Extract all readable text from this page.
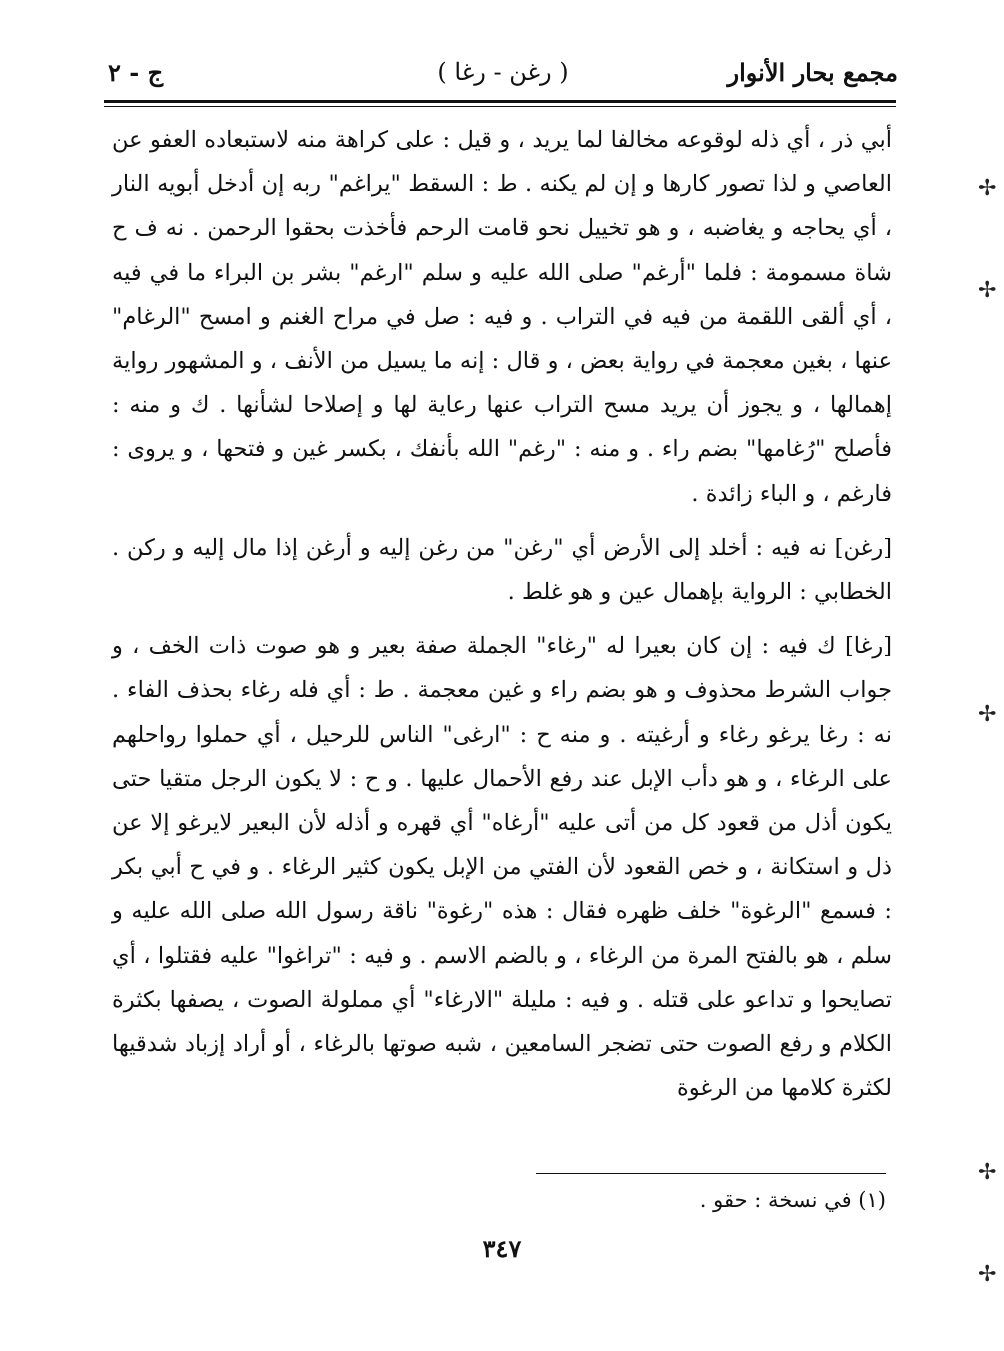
مجمع بحار الأنوار
( رغن - رغا )
ج - ٢

أبي ذر ، أي ذله لوقوعه مخالفا لما يريد ، و قيل : على كراهة منه لاستبعاده العفو عن العاصي و لذا تصور كارها و إن لم يكنه . ط : السقط "يراغم" ربه إن أدخل أبويه النار ، أي يحاجه و يغاضبه ، و هو تخييل نحو قامت الرحم فأخذت بحقوا الرحمن . نه ف ح شاة مسمومة : فلما "أرغم" صلى الله عليه و سلم "ارغم" بشر بن البراء ما في فيه ، أي ألقى اللقمة من فيه في التراب . و فيه : صل في مراح الغنم و امسح "الرغام" عنها ، بغين معجمة في رواية بعض ، و قال : إنه ما يسيل من الأنف ، و المشهور رواية إهمالها ، و يجوز أن يريد مسح التراب عنها رعاية لها و إصلاحا لشأنها . ك و منه : فأصلح "رُغامها" بضم راء . و منه : "رغم" الله بأنفك ، بكسر غين و فتحها ، و يروى : فارغم ، و الباء زائدة .

[رغن] نه فيه : أخلد إلى الأرض أي "رغن" من رغن إليه و أرغن إذا مال إليه و ركن . الخطابي : الرواية بإهمال عين و هو غلط .

[رغا] ك فيه : إن كان بعيرا له "رغاء" الجملة صفة بعير و هو صوت ذات الخف ، و جواب الشرط محذوف و هو بضم راء و غين معجمة . ط : أي فله رغاء بحذف الفاء . نه : رغا يرغو رغاء و أرغيته . و منه ح : "ارغى" الناس للرحيل ، أي حملوا رواحلهم على الرغاء ، و هو دأب الإبل عند رفع الأحمال عليها . و ح : لا يكون الرجل متقيا حتى يكون أذل من قعود كل من أتى عليه "أرغاه" أي قهره و أذله لأن البعير لايرغو إلا عن ذل و استكانة ، و خص القعود لأن الفتي من الإبل يكون كثير الرغاء . و في ح أبي بكر : فسمع "الرغوة" خلف ظهره فقال : هذه "رغوة" ناقة رسول الله صلى الله عليه و سلم ، هو بالفتح المرة من الرغاء ، و بالضم الاسم . و فيه : "تراغوا" عليه فقتلوا ، أي تصايحوا و تداعو على قتله . و فيه : مليلة "الارغاء" أي مملولة الصوت ، يصفها بكثرة الكلام و رفع الصوت حتى تضجر السامعين ، شبه صوتها بالرغاء ، أو أراد إزباد شدقيها لكثرة كلامها من الرغوة

(١) في نسخة : حقو .
٣٤٧
✢
✢
✢
✢
✢
